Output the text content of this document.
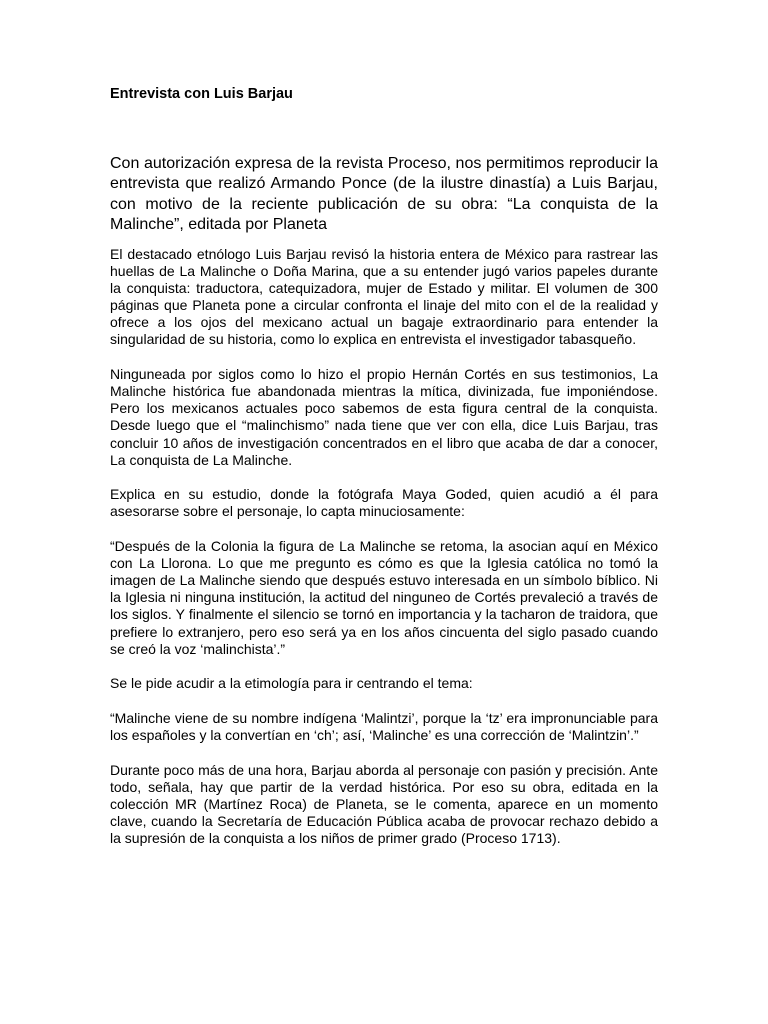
Entrevista con Luis Barjau
Con autorización expresa de la revista Proceso, nos permitimos reproducir la entrevista que realizó Armando Ponce (de la ilustre dinastía) a Luis Barjau, con motivo de la reciente publicación de su obra: “La conquista de la Malinche”, editada por Planeta

El destacado etnólogo Luis Barjau revisó la historia entera de México para rastrear las huellas de La Malinche o Doña Marina, que a su entender jugó varios papeles durante la conquista: traductora, catequizadora, mujer de Estado y militar. El volumen de 300 páginas que Planeta pone a circular confronta el linaje del mito con el de la realidad y ofrece a los ojos del mexicano actual un bagaje extraordinario para entender la singularidad de su historia, como lo explica en entrevista el investigador tabasqueño.

Ninguneada por siglos como lo hizo el propio Hernán Cortés en sus testimonios, La Malinche histórica fue abandonada mientras la mítica, divinizada, fue imponiéndose. Pero los mexicanos actuales poco sabemos de esta figura central de la conquista. Desde luego que el “malinchismo” nada tiene que ver con ella, dice Luis Barjau, tras concluir 10 años de investigación concentrados en el libro que acaba de dar a conocer, La conquista de La Malinche.

Explica en su estudio, donde la fotógrafa Maya Goded, quien acudió a él para asesorarse sobre el personaje, lo capta minuciosamente:

“Después de la Colonia la figura de La Malinche se retoma, la asocian aquí en México con La Llorona. Lo que me pregunto es cómo es que la Iglesia católica no tomó la imagen de La Malinche siendo que después estuvo interesada en un símbolo bíblico. Ni la Iglesia ni ninguna institución, la actitud del ninguneo de Cortés prevaleció a través de los siglos. Y finalmente el silencio se tornó en importancia y la tacharon de traidora, que prefiere lo extranjero, pero eso será ya en los años cincuenta del siglo pasado cuando se creó la voz ‘malinchista’.”

Se le pide acudir a la etimología para ir centrando el tema:

“Malinche viene de su nombre indígena ‘Malintzi’, porque la ‘tz’ era impronunciable para los españoles y la convertían en ‘ch’; así, ‘Malinche’ es una corrección de ‘Malintzin’.”

Durante poco más de una hora, Barjau aborda al personaje con pasión y precisión. Ante todo, señala, hay que partir de la verdad histórica. Por eso su obra, editada en la colección MR (Martínez Roca) de Planeta, se le comenta, aparece en un momento clave, cuando la Secretaría de Educación Pública acaba de provocar rechazo debido a la supresión de la conquista a los niños de primer grado (Proceso 1713).
